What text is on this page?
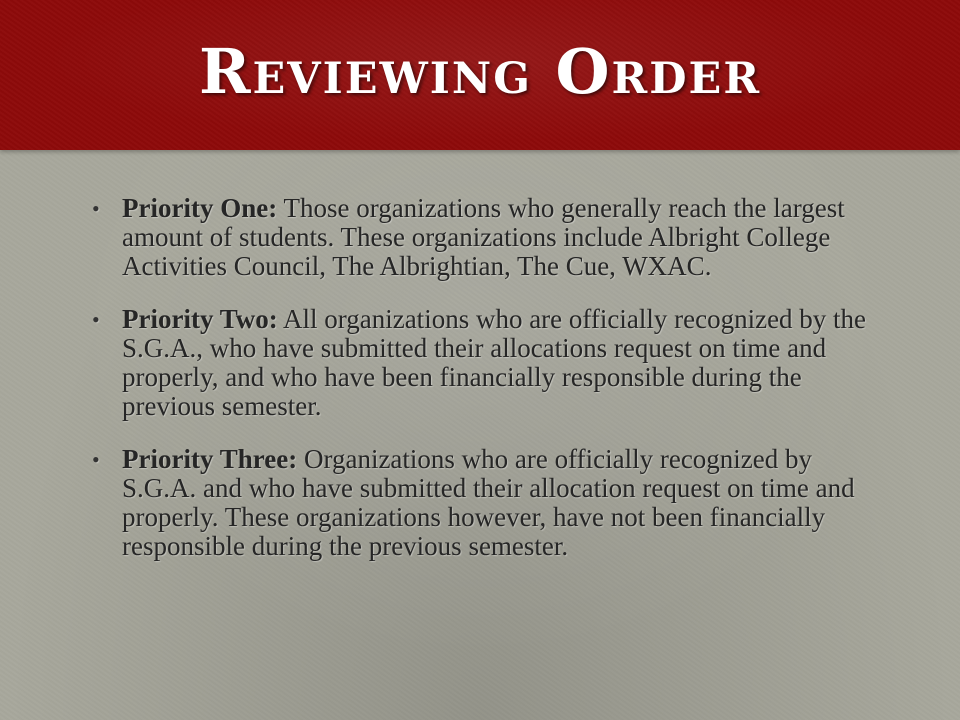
Reviewing Order
• Priority One: Those organizations who generally reach the largest amount of students. These organizations include Albright College Activities Council, The Albrightian, The Cue, WXAC.
• Priority Two: All organizations who are officially recognized by the S.G.A., who have submitted their allocations request on time and properly, and who have been financially responsible during the previous semester.
• Priority Three: Organizations who are officially recognized by S.G.A. and who have submitted their allocation request on time and properly. These organizations however, have not been financially responsible during the previous semester.
